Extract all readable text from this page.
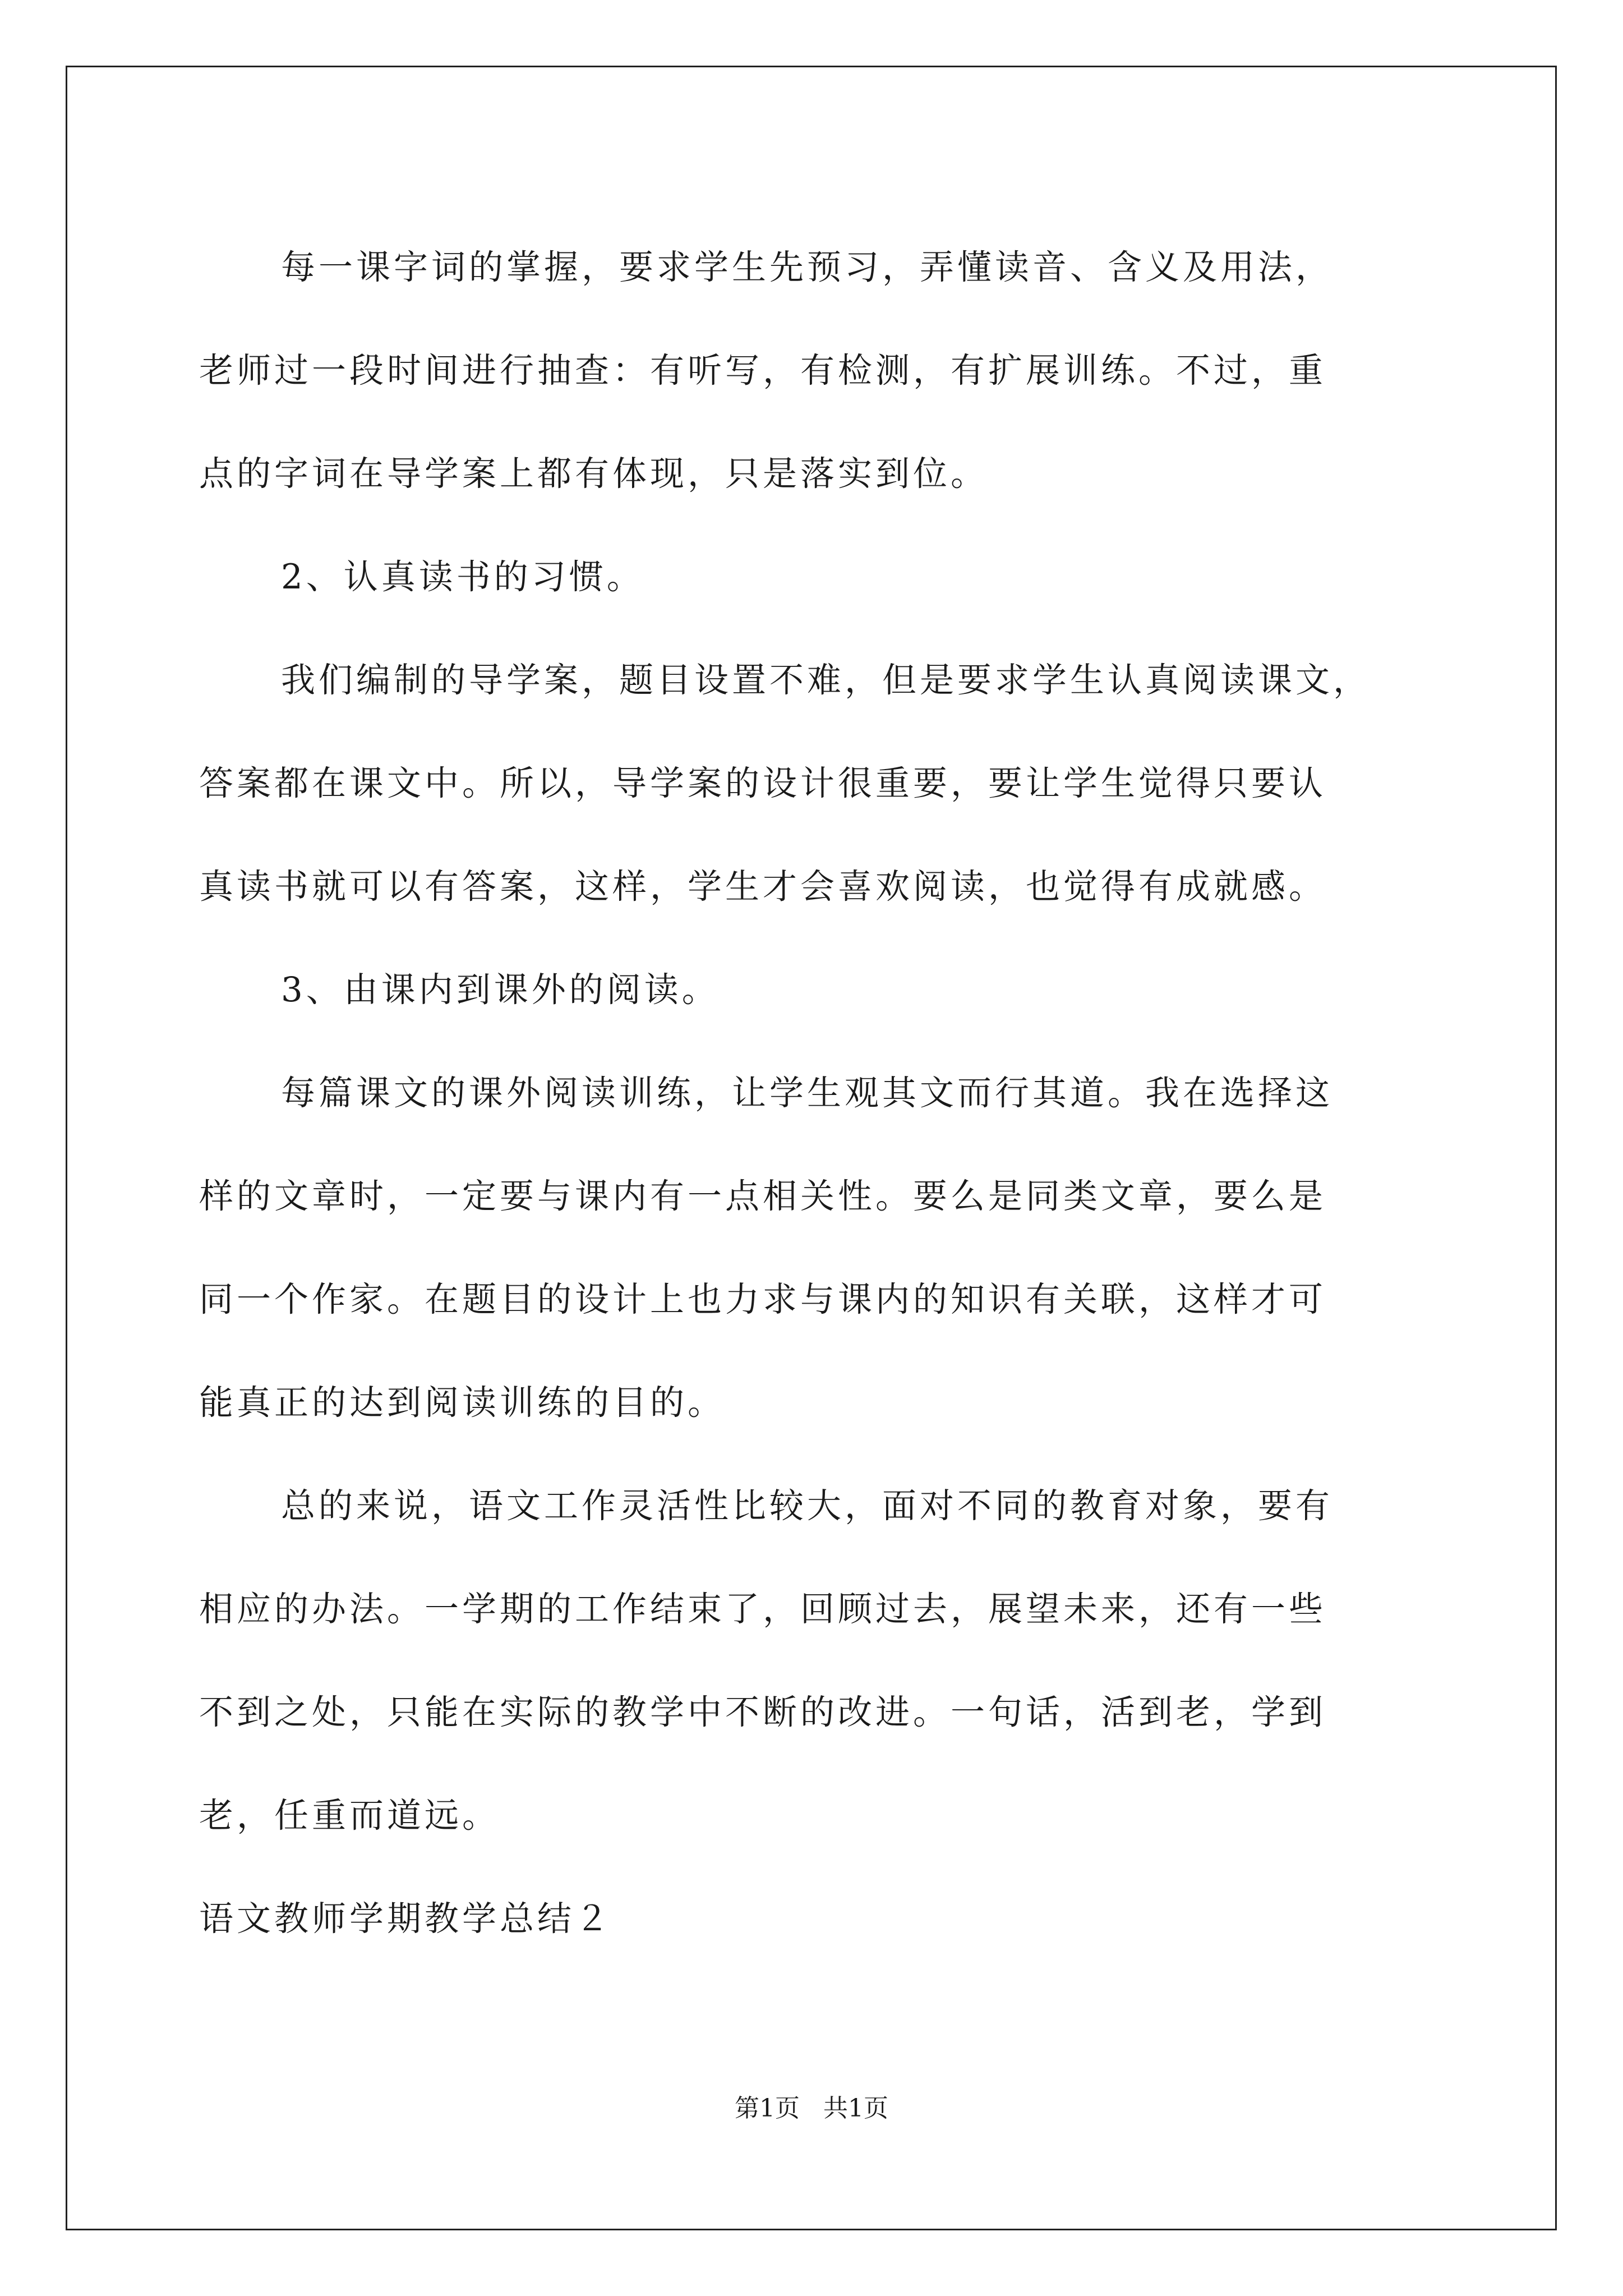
每一课字词的掌握，要求学生先预习，弄懂读音、含义及用法，
老师过一段时间进行抽查：有听写，有检测，有扩展训练。不过，重
点的字词在导学案上都有体现，只是落实到位。

2、认真读书的习惯。

我们编制的导学案，题目设置不难，但是要求学生认真阅读课文，
答案都在课文中。所以，导学案的设计很重要，要让学生觉得只要认
真读书就可以有答案，这样，学生才会喜欢阅读，也觉得有成就感。

3、由课内到课外的阅读。

每篇课文的课外阅读训练，让学生观其文而行其道。我在选择这
样的文章时，一定要与课内有一点相关性。要么是同类文章，要么是
同一个作家。在题目的设计上也力求与课内的知识有关联，这样才可
能真正的达到阅读训练的目的。

总的来说，语文工作灵活性比较大，面对不同的教育对象，要有
相应的办法。一学期的工作结束了，回顾过去，展望未来，还有一些
不到之处，只能在实际的教学中不断的改进。一句话，活到老，学到
老，任重而道远。

语文教师学期教学总结２

第1页 共1页
